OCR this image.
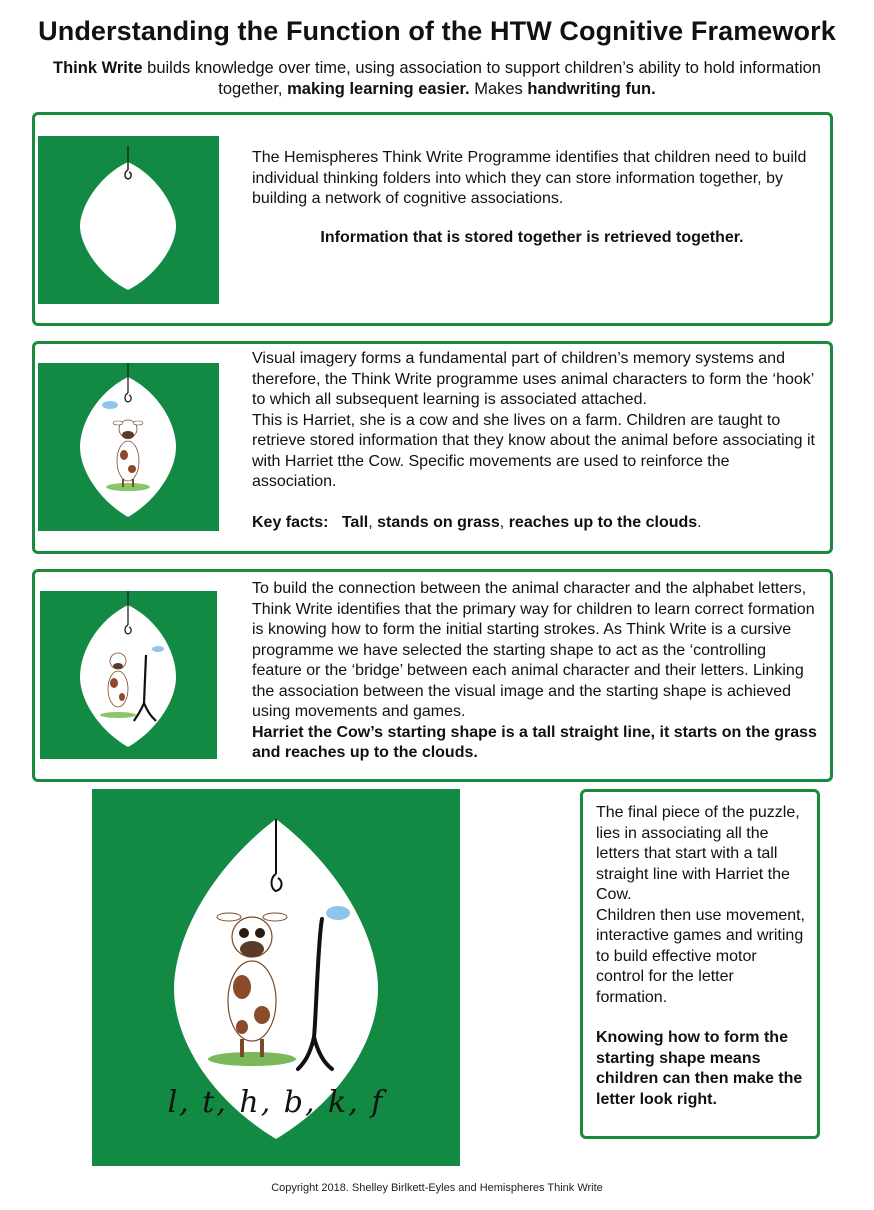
Understanding the Function of the HTW Cognitive Framework
Think Write builds knowledge over time, using association to support children’s ability to hold information together, making learning easier. Makes handwriting fun.

The Hemispheres Think Write Programme identifies that children need to build individual thinking folders into which they can store information together, by building a network of cognitive associations.

Information that is stored together is retrieved together.

Visual imagery forms a fundamental part of children’s memory systems and therefore, the Think Write programme uses animal characters to form the ‘hook’ to which all subsequent learning is associated attached.

This is Harriet, she is a cow and she lives on a farm. Children are taught to retrieve stored information that they know about the animal before associating it with Harriet tthe Cow. Specific movements are used to reinforce the association.

Key facts: Tall, stands on grass, reaches up to the clouds.

To build the connection between the animal character and the alphabet letters, Think Write identifies that the primary way for children to learn correct formation is knowing how to form the initial starting strokes. As Think Write is a cursive programme we have selected the starting shape to act as the ‘controlling feature or the ‘bridge’ between each animal character and their letters. Linking the association between the visual image and the starting shape is achieved using movements and games.

Harriet the Cow’s starting shape is a tall straight line, it starts on the grass and reaches up to the clouds.

l, t, h, b, k, f

The final piece of the puzzle, lies in associating all the letters that start with a tall straight line with Harriet the Cow.

Children then use movement, interactive games and writing to build effective motor control for the letter formation.

Knowing how to form the starting shape means children can then make the letter look right.

Copyright 2018. Shelley Birlkett-Eyles and Hemispheres Think Write
